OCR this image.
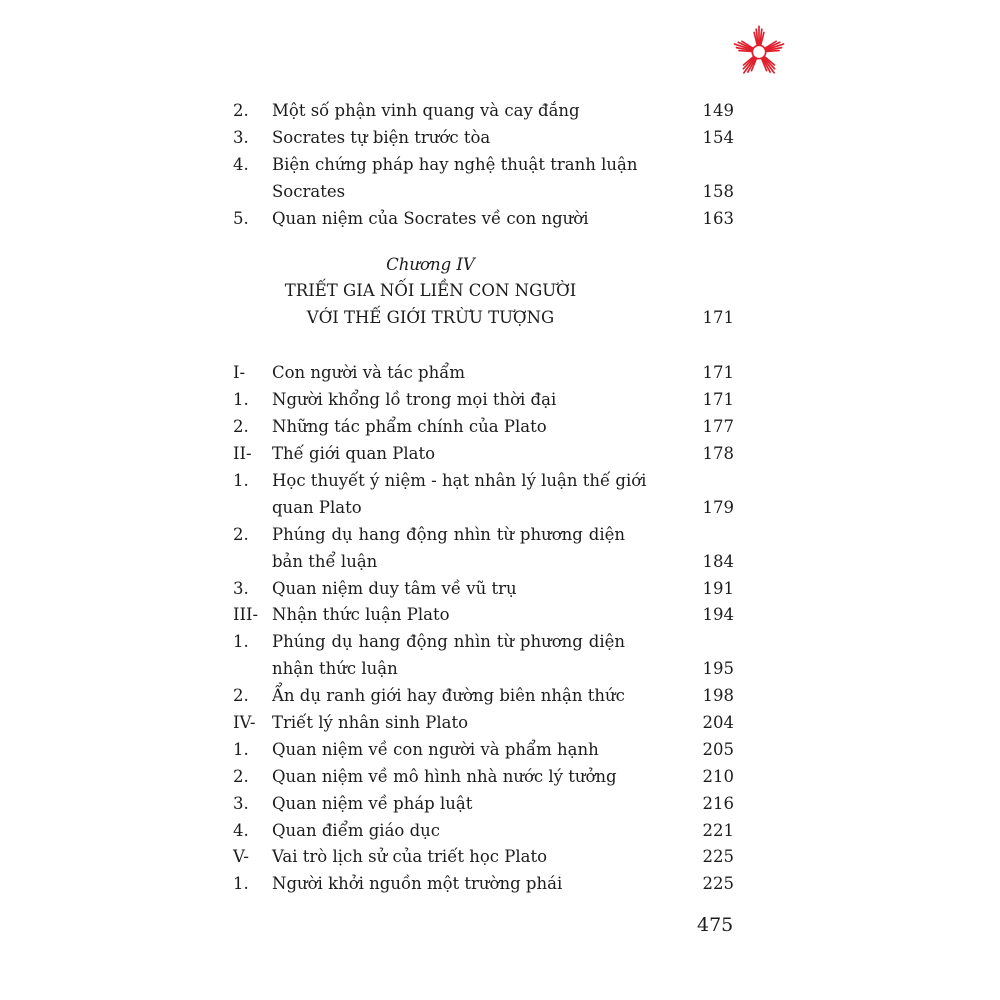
2. Một số phận vinh quang và cay đắng	149
3. Socrates tự biện trước tòa	154
4. Biện chứng pháp hay nghệ thuật tranh luận
Socrates	158
5. Quan niệm của Socrates về con người	163
I- Con người và tác phẩm	171
1. Người khổng lồ trong mọi thời đại	171
2. Những tác phẩm chính của Plato	177
II- Thế giới quan Plato	178
1. Học thuyết ý niệm - hạt nhân lý luận thế giới
quan Plato	179
2. Phúng dụ hang động nhìn từ phương diện
bản thể luận	184
3. Quan niệm duy tâm về vũ trụ	191
III- Nhận thức luận Plato	194
1. Phúng dụ hang động nhìn từ phương diện
nhận thức luận	195
2. Ẩn dụ ranh giới hay đường biên nhận thức	198
IV- Triết lý nhân sinh Plato	204
1. Quan niệm về con người và phẩm hạnh	205
2. Quan niệm về mô hình nhà nước lý tưởng	210
3. Quan niệm về pháp luật	216
4. Quan điểm giáo dục	221
V- Vai trò lịch sử của triết học Plato	225
1. Người khởi nguồn một trường phái	225
Chương IV
TRIẾT GIA NỐI LIỀN CON NGƯỜI
VỚI THẾ GIỚI TRỪU TƯỢNG	171
475
